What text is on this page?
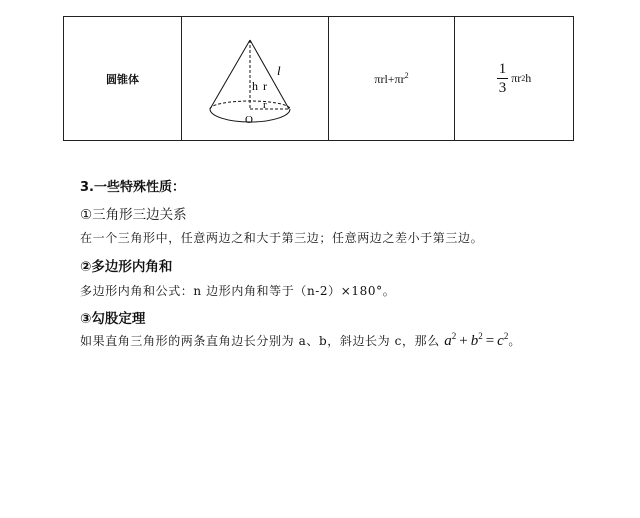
圆锥体
l
h r
r
O
$\pi rl+\pi r^2$	$\frac{1}{3}$ πr 2 h
3.一些特殊性质：
①三角形三边关系
在一个三角形中，任意两边之和大于第三边；任意两边之差小于第三边。
②多边形内角和
多边形内角和公式：n 边形内角和等于（n-2）×180°。
③勾股定理
如果直角三角形的两条直角边长分别为 a、b，斜边长为 c，那么 $a^2 + b^2 = c^2$。
